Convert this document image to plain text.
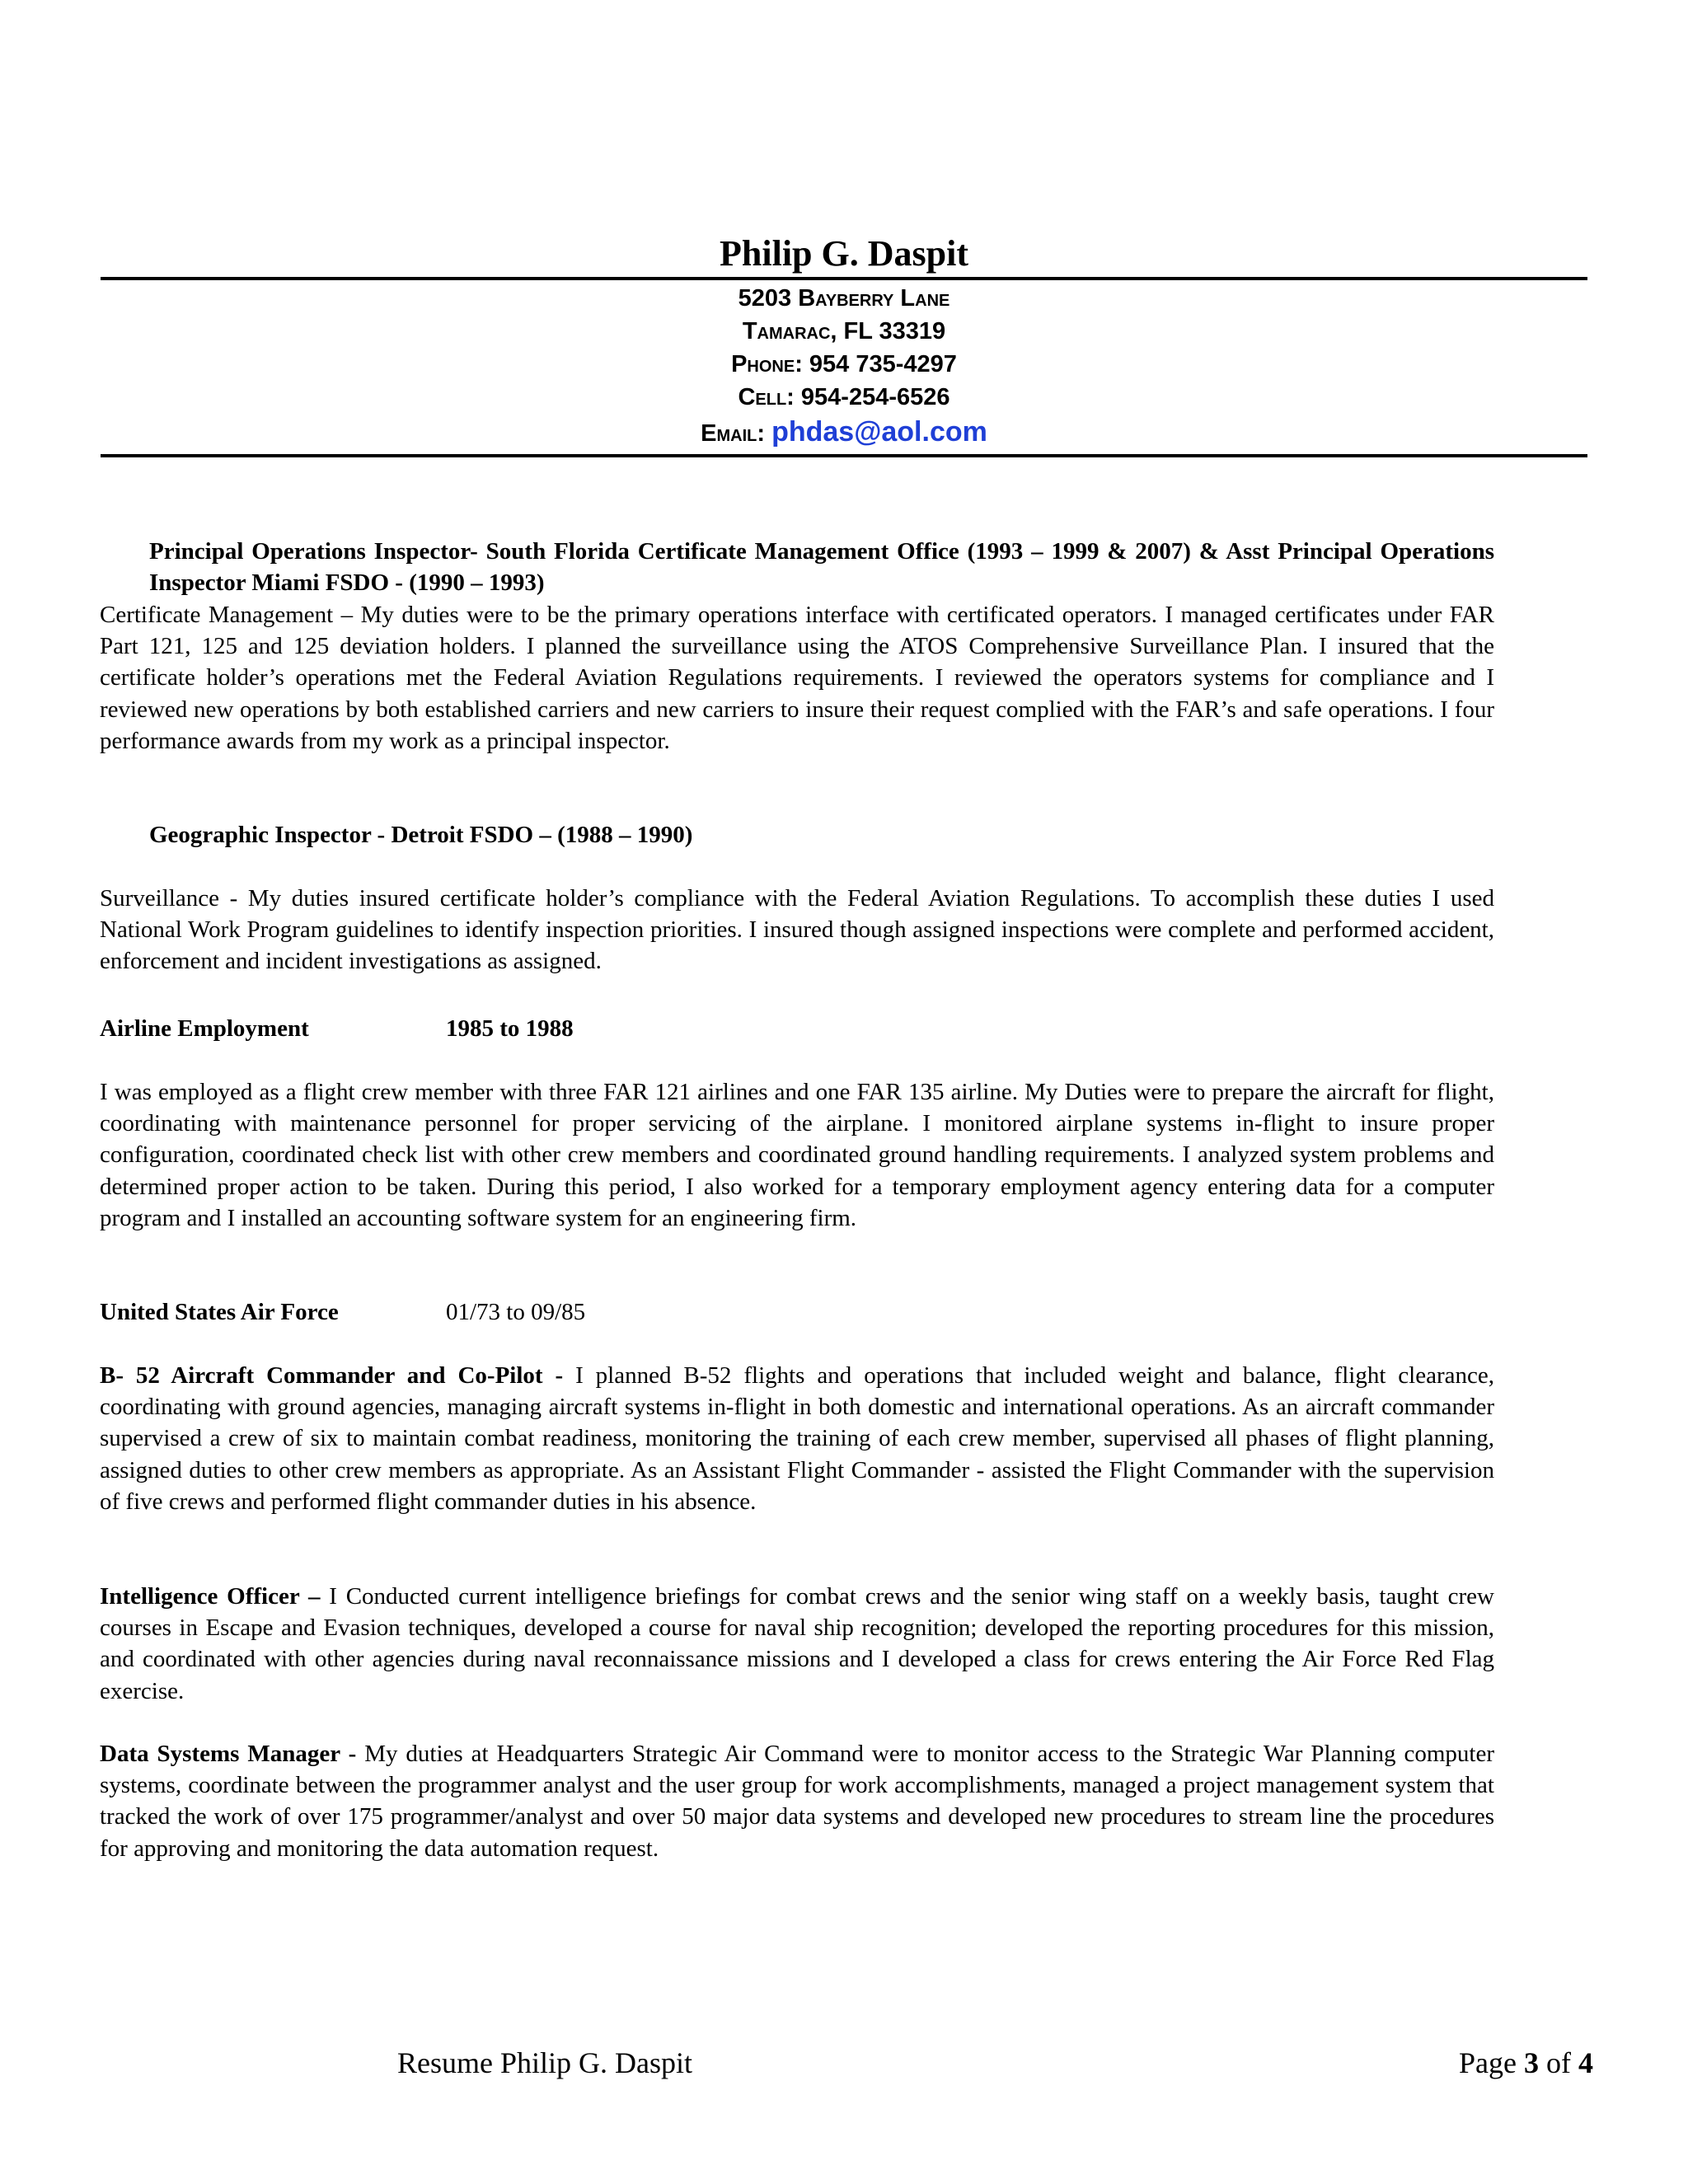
Philip G. Daspit
5203 Bayberry Lane
Tamarac, FL 33319
Phone: 954 735-4297
Cell: 954-254-6526
Email: phdas@aol.com
Principal Operations Inspector- South Florida Certificate Management Office (1993 – 1999 & 2007) & Asst Principal Operations Inspector Miami FSDO - (1990 – 1993)
Certificate Management – My duties were to be the primary operations interface with certificated operators. I managed certificates under FAR Part 121, 125 and 125 deviation holders. I planned the surveillance using the ATOS Comprehensive Surveillance Plan. I insured that the certificate holder’s operations met the Federal Aviation Regulations requirements. I reviewed the operators systems for compliance and I reviewed new operations by both established carriers and new carriers to insure their request complied with the FAR’s and safe operations. I four performance awards from my work as a principal inspector.
Geographic Inspector - Detroit FSDO – (1988 – 1990)
Surveillance - My duties insured certificate holder’s compliance with the Federal Aviation Regulations. To accomplish these duties I used National Work Program guidelines to identify inspection priorities. I insured though assigned inspections were complete and performed accident, enforcement and incident investigations as assigned.
Airline Employment	1985 to 1988
I was employed as a flight crew member with three FAR 121 airlines and one FAR 135 airline. My Duties were to prepare the aircraft for flight, coordinating with maintenance personnel for proper servicing of the airplane. I monitored airplane systems in-flight to insure proper configuration, coordinated check list with other crew members and coordinated ground handling requirements. I analyzed system problems and determined proper action to be taken. During this period, I also worked for a temporary employment agency entering data for a computer program and I installed an accounting software system for an engineering firm.
United States Air Force	01/73 to 09/85
B- 52 Aircraft Commander and Co-Pilot - I planned B-52 flights and operations that included weight and balance, flight clearance, coordinating with ground agencies, managing aircraft systems in-flight in both domestic and international operations. As an aircraft commander supervised a crew of six to maintain combat readiness, monitoring the training of each crew member, supervised all phases of flight planning, assigned duties to other crew members as appropriate. As an Assistant Flight Commander - assisted the Flight Commander with the supervision of five crews and performed flight commander duties in his absence.
Intelligence Officer – I Conducted current intelligence briefings for combat crews and the senior wing staff on a weekly basis, taught crew courses in Escape and Evasion techniques, developed a course for naval ship recognition; developed the reporting procedures for this mission, and coordinated with other agencies during naval reconnaissance missions and I developed a class for crews entering the Air Force Red Flag exercise.
Data Systems Manager - My duties at Headquarters Strategic Air Command were to monitor access to the Strategic War Planning computer systems, coordinate between the programmer analyst and the user group for work accomplishments, managed a project management system that tracked the work of over 175 programmer/analyst and over 50 major data systems and developed new procedures to stream line the procedures for approving and monitoring the data automation request.
Resume Philip G. Daspit	Page 3 of 4
